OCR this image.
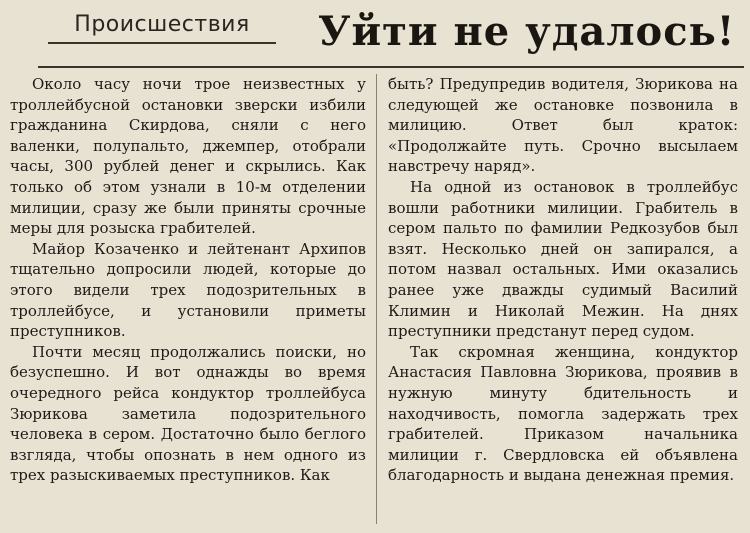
Происшествия	Уйти не удалось!

Около часу ночи трое неизвестных у троллейбусной остановки зверски избили гражданина Скирдова, сняли с него валенки, полупальто, джемпер, отобрали часы, 300 рублей денег и скрылись. Как только об этом узнали в 10-м отделении милиции, сразу же были приняты срочные меры для розыска грабителей.

Майор Козаченко и лейтенант Архипов тщательно допросили людей, которые до этого видели трех подозрительных в троллейбусе, и установили приметы преступников.

Почти месяц продолжались поиски, но безуспешно. И вот однажды во время очередного рейса кондуктор троллейбуса Зюрикова заметила подозрительного человека в сером. Достаточно было беглого взгляда, чтобы опознать в нем одного из трех разыскиваемых преступников. Как

быть? Предупредив водителя, Зюрикова на следующей же остановке позвонила в милицию. Ответ был краток: «Продолжайте путь. Срочно высылаем навстречу наряд».

На одной из остановок в троллейбус вошли работники милиции. Грабитель в сером пальто по фамилии Редкозубов был взят. Несколько дней он запирался, а потом назвал остальных. Ими оказались ранее уже дважды судимый Василий Климин и Николай Межин. На днях преступники предстанут перед судом.

Так скромная женщина, кондуктор Анастасия Павловна Зюрикова, проявив в нужную минуту бдительность и находчивость, помогла задержать трех грабителей. Приказом начальника милиции г. Свердловска ей объявлена благодарность и выдана денежная премия.
